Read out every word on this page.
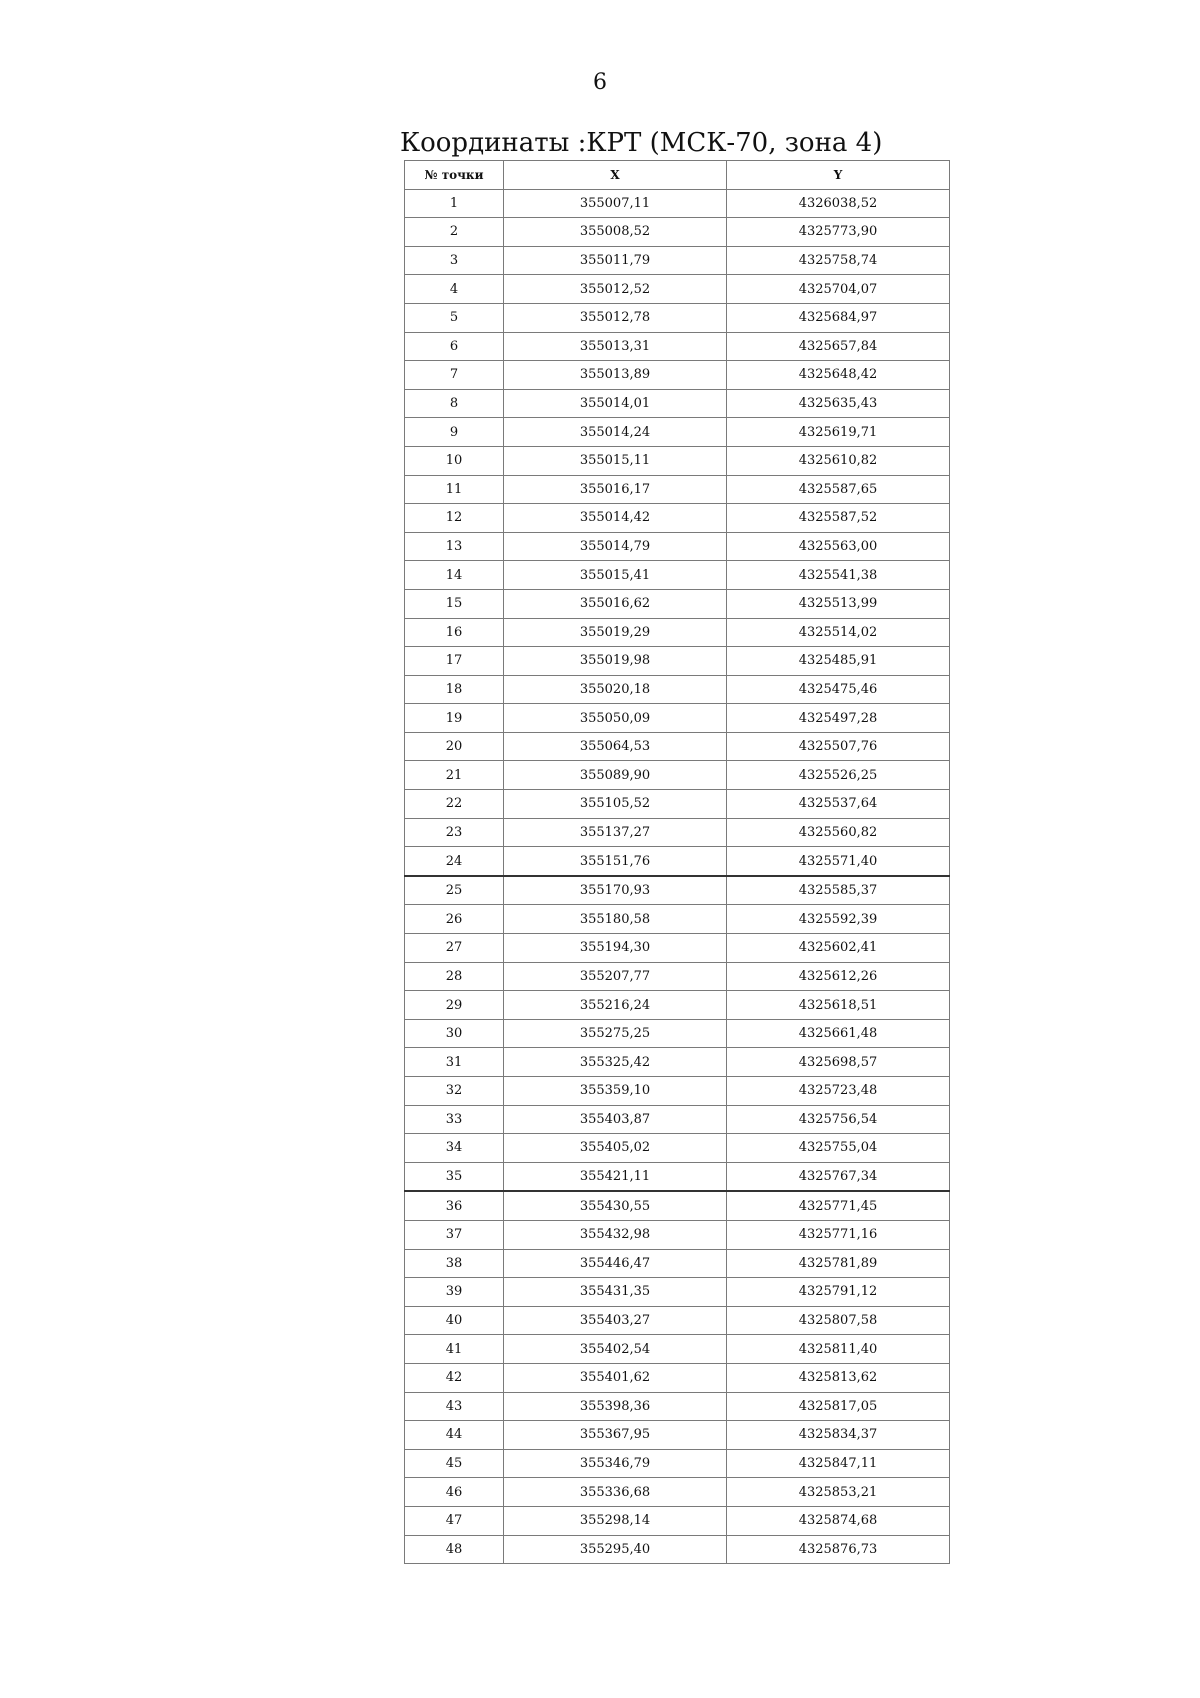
6
Координаты :КРТ (МСК-70, зона 4)
№ точки	X	Y
1	355007,11	4326038,52
2	355008,52	4325773,90
3	355011,79	4325758,74
4	355012,52	4325704,07
5	355012,78	4325684,97
6	355013,31	4325657,84
7	355013,89	4325648,42
8	355014,01	4325635,43
9	355014,24	4325619,71
10	355015,11	4325610,82
11	355016,17	4325587,65
12	355014,42	4325587,52
13	355014,79	4325563,00
14	355015,41	4325541,38
15	355016,62	4325513,99
16	355019,29	4325514,02
17	355019,98	4325485,91
18	355020,18	4325475,46
19	355050,09	4325497,28
20	355064,53	4325507,76
21	355089,90	4325526,25
22	355105,52	4325537,64
23	355137,27	4325560,82
24	355151,76	4325571,40
25	355170,93	4325585,37
26	355180,58	4325592,39
27	355194,30	4325602,41
28	355207,77	4325612,26
29	355216,24	4325618,51
30	355275,25	4325661,48
31	355325,42	4325698,57
32	355359,10	4325723,48
33	355403,87	4325756,54
34	355405,02	4325755,04
35	355421,11	4325767,34
36	355430,55	4325771,45
37	355432,98	4325771,16
38	355446,47	4325781,89
39	355431,35	4325791,12
40	355403,27	4325807,58
41	355402,54	4325811,40
42	355401,62	4325813,62
43	355398,36	4325817,05
44	355367,95	4325834,37
45	355346,79	4325847,11
46	355336,68	4325853,21
47	355298,14	4325874,68
48	355295,40	4325876,73
